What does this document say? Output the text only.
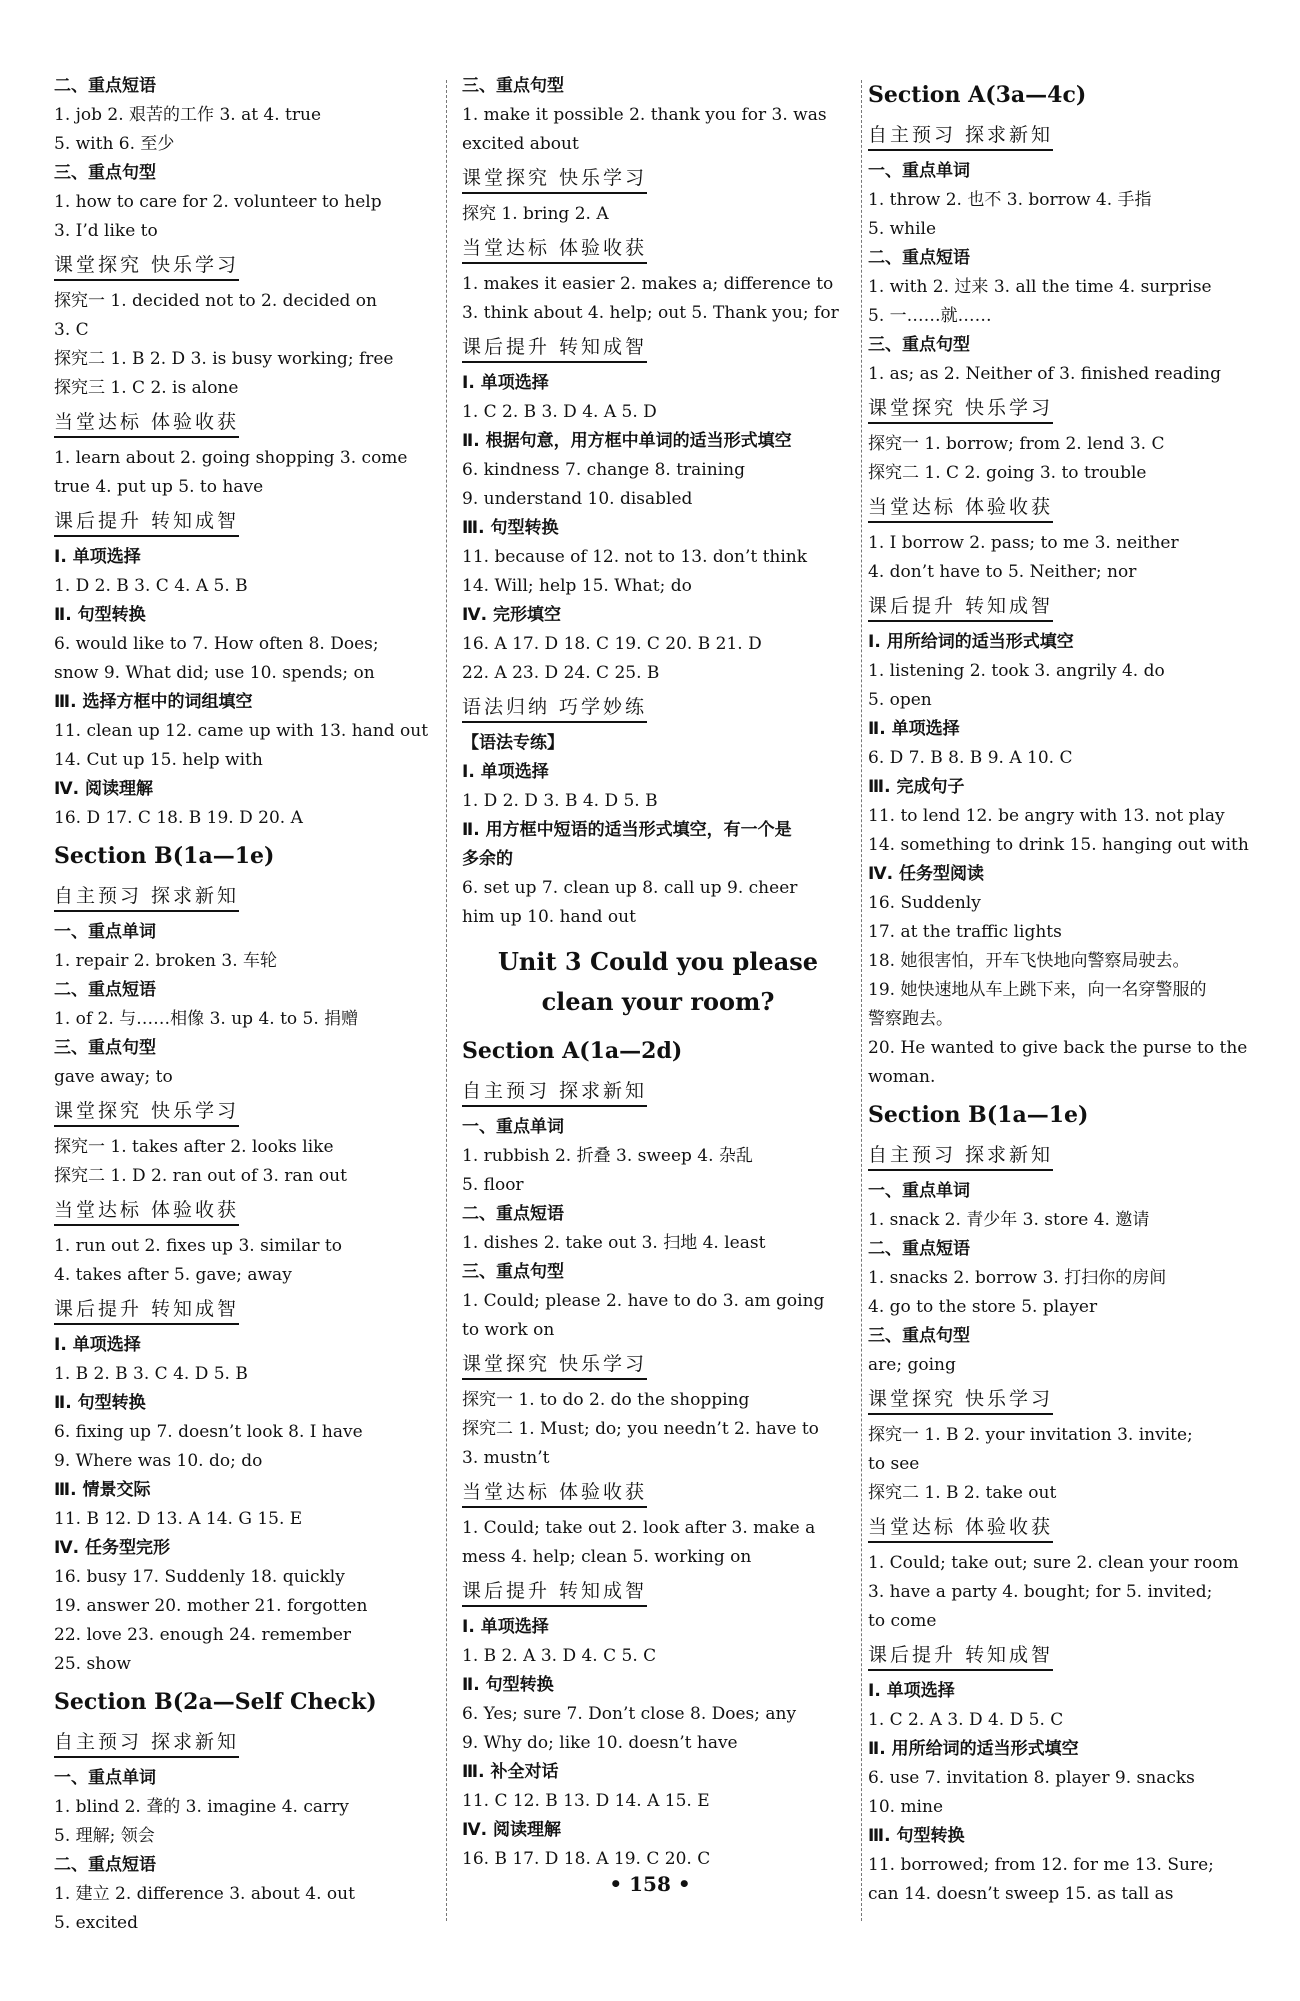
二、重点短语
1. job 2. 艰苦的工作 3. at 4. true
5. with 6. 至少
三、重点句型
1. how to care for 2. volunteer to help
3. I’d like to
课堂探究 快乐学习
探究一 1. decided not to 2. decided on
3. C
探究二 1. B 2. D 3. is busy working; free
探究三 1. C 2. is alone
当堂达标 体验收获
1. learn about 2. going shopping 3. come
true 4. put up 5. to have
课后提升 转知成智
Ⅰ. 单项选择
1. D 2. B 3. C 4. A 5. B
Ⅱ. 句型转换
6. would like to 7. How often 8. Does;
snow 9. What did; use 10. spends; on
Ⅲ. 选择方框中的词组填空
11. clean up 12. came up with 13. hand out
14. Cut up 15. help with
Ⅳ. 阅读理解
16. D 17. C 18. B 19. D 20. A
Section B(1a—1e)
自主预习 探求新知
一、重点单词
1. repair 2. broken 3. 车轮
二、重点短语
1. of 2. 与……相像 3. up 4. to 5. 捐赠
三、重点句型
gave away; to
课堂探究 快乐学习
探究一 1. takes after 2. looks like
探究二 1. D 2. ran out of 3. ran out
当堂达标 体验收获
1. run out 2. fixes up 3. similar to
4. takes after 5. gave; away
课后提升 转知成智
Ⅰ. 单项选择
1. B 2. B 3. C 4. D 5. B
Ⅱ. 句型转换
6. fixing up 7. doesn’t look 8. I have
9. Where was 10. do; do
Ⅲ. 情景交际
11. B 12. D 13. A 14. G 15. E
Ⅳ. 任务型完形
16. busy 17. Suddenly 18. quickly
19. answer 20. mother 21. forgotten
22. love 23. enough 24. remember
25. show
Section B(2a—Self Check)
自主预习 探求新知
一、重点单词
1. blind 2. 聋的 3. imagine 4. carry
5. 理解; 领会
二、重点短语
1. 建立 2. difference 3. about 4. out
5. excited
三、重点句型
1. make it possible 2. thank you for 3. was
excited about
课堂探究 快乐学习
探究 1. bring 2. A
当堂达标 体验收获
1. makes it easier 2. makes a; difference to
3. think about 4. help; out 5. Thank you; for
课后提升 转知成智
Ⅰ. 单项选择
1. C 2. B 3. D 4. A 5. D
Ⅱ. 根据句意，用方框中单词的适当形式填空
6. kindness 7. change 8. training
9. understand 10. disabled
Ⅲ. 句型转换
11. because of 12. not to 13. don’t think
14. Will; help 15. What; do
Ⅳ. 完形填空
16. A 17. D 18. C 19. C 20. B 21. D
22. A 23. D 24. C 25. B
语法归纳 巧学妙练
【语法专练】
Ⅰ. 单项选择
1. D 2. D 3. B 4. D 5. B
Ⅱ. 用方框中短语的适当形式填空，有一个是
多余的
6. set up 7. clean up 8. call up 9. cheer
him up 10. hand out
Unit 3 Could you please clean your room?
Section A(1a—2d)
自主预习 探求新知
一、重点单词
1. rubbish 2. 折叠 3. sweep 4. 杂乱
5. floor
二、重点短语
1. dishes 2. take out 3. 扫地 4. least
三、重点句型
1. Could; please 2. have to do 3. am going
to work on
课堂探究 快乐学习
探究一 1. to do 2. do the shopping
探究二 1. Must; do; you needn’t 2. have to
3. mustn’t
当堂达标 体验收获
1. Could; take out 2. look after 3. make a
mess 4. help; clean 5. working on
课后提升 转知成智
Ⅰ. 单项选择
1. B 2. A 3. D 4. C 5. C
Ⅱ. 句型转换
6. Yes; sure 7. Don’t close 8. Does; any
9. Why do; like 10. doesn’t have
Ⅲ. 补全对话
11. C 12. B 13. D 14. A 15. E
Ⅳ. 阅读理解
16. B 17. D 18. A 19. C 20. C
Section A(3a—4c)
自主预习 探求新知
一、重点单词
1. throw 2. 也不 3. borrow 4. 手指
5. while
二、重点短语
1. with 2. 过来 3. all the time 4. surprise
5. 一……就……
三、重点句型
1. as; as 2. Neither of 3. finished reading
课堂探究 快乐学习
探究一 1. borrow; from 2. lend 3. C
探究二 1. C 2. going 3. to trouble
当堂达标 体验收获
1. I borrow 2. pass; to me 3. neither
4. don’t have to 5. Neither; nor
课后提升 转知成智
Ⅰ. 用所给词的适当形式填空
1. listening 2. took 3. angrily 4. do
5. open
Ⅱ. 单项选择
6. D 7. B 8. B 9. A 10. C
Ⅲ. 完成句子
11. to lend 12. be angry with 13. not play
14. something to drink 15. hanging out with
Ⅳ. 任务型阅读
16. Suddenly
17. at the traffic lights
18. 她很害怕，开车飞快地向警察局驶去。
19. 她快速地从车上跳下来，向一名穿警服的
警察跑去。
20. He wanted to give back the purse to the
woman.
Section B(1a—1e)
自主预习 探求新知
一、重点单词
1. snack 2. 青少年 3. store 4. 邀请
二、重点短语
1. snacks 2. borrow 3. 打扫你的房间
4. go to the store 5. player
三、重点句型
are; going
课堂探究 快乐学习
探究一 1. B 2. your invitation 3. invite;
to see
探究二 1. B 2. take out
当堂达标 体验收获
1. Could; take out; sure 2. clean your room
3. have a party 4. bought; for 5. invited;
to come
课后提升 转知成智
Ⅰ. 单项选择
1. C 2. A 3. D 4. D 5. C
Ⅱ. 用所给词的适当形式填空
6. use 7. invitation 8. player 9. snacks
10. mine
Ⅲ. 句型转换
11. borrowed; from 12. for me 13. Sure;
can 14. doesn’t sweep 15. as tall as
• 158 •
